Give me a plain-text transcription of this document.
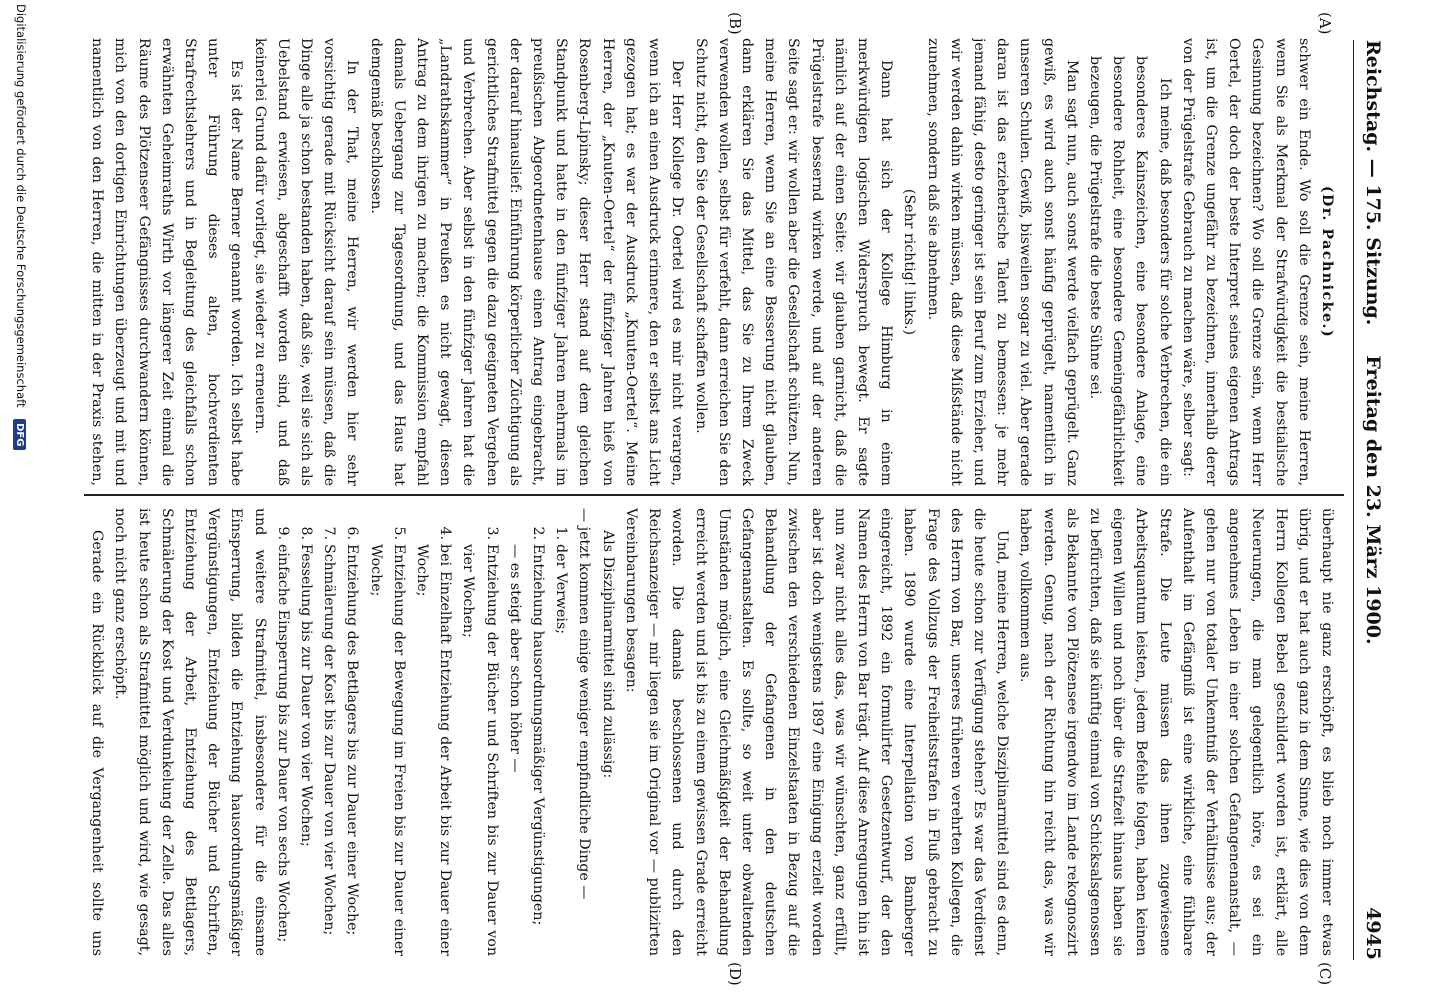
Reichstag. — 175. Sitzung.
Freitag den 23. März 1900.
4945
(A)
(B)
(C)
(D)

(Dr. Pachnicke.)

schwer ein Ende. Wo soll die Grenze sein, meine Herren, wenn Sie als Merkmal der Strafwürdigkeit die bestialische Gesinnung bezeichnen? Wo soll die Grenze sein, wenn Herr Oertel, der doch der beste Interpret seines eigenen Antrags ist, um die Grenze ungefähr zu bezeichnen, innerhalb derer von der Prügelstrafe Gebrauch zu machen wäre, selber sagt:

Ich meine, daß besonders für solche Verbrechen, die ein besonderes Kainszeichen, eine besondere Anlage, eine besondere Rohheit, eine besondere Gemeingefährlichkeit bezeugen, die Prügelstrafe die beste Sühne sei.

Man sagt nun, auch sonst werde vielfach geprügelt. Ganz gewiß, es wird auch sonst häufig geprügelt, namentlich in unseren Schulen. Gewiß, bisweilen sogar zu viel. Aber gerade daran ist das erzieherische Talent zu bemessen: je mehr jemand fähig, desto geringer ist sein Beruf zum Erzieher, und wir werden dahin wirken müssen, daß diese Mißstände nicht zunehmen, sondern daß sie abnehmen.

(Sehr richtig! links.)

Dann hat sich der Kollege Himburg in einem merkwürdigen logischen Widerspruch bewegt. Er sagte nämlich auf der einen Seite: wir glauben garnicht, daß die Prügelstrafe bessernd wirken werde, und auf der anderen Seite sagt er: wir wollen aber die Gesellschaft schützen. Nun, meine Herren, wenn Sie an eine Besserung nicht glauben, dann erklären Sie das Mittel, das Sie zu Ihrem Zweck verwenden wollen, selbst für verfehlt, dann erreichen Sie den Schutz nicht, den Sie der Gesellschaft schaffen wollen.

Der Herr Kollege Dr. Oertel wird es mir nicht verargen, wenn ich an einen Ausdruck erinnere, den er selbst ans Licht gezogen hat; es war der Ausdruck „Knuten-Oertel“. Meine Herren, der „Knuten-Oertel“ der fünfziger Jahren hieß von Rosenberg-Lipinsky; dieser Herr stand auf dem gleichen Standpunkt und hatte in den fünfziger Jahren mehrmals im preußischen Abgeordnetenhause einen Antrag eingebracht, der darauf hinauslief: Einführung körperlicher Züchtigung als gerichtliches Strafmittel gegen die dazu geeigneten Vergehen und Verbrechen. Aber selbst in den fünfziger Jahren hat die „Landrathskammer“ in Preußen es nicht gewagt, diesen Antrag zu dem ihrigen zu machen; die Kommission empfahl damals Uebergang zur Tagesordnung, und das Haus hat demgemäß beschlossen.

In der That, meine Herren, wir werden hier sehr vorsichtig gerade mit Rücksicht darauf sein müssen, daß die Dinge alle ja schon bestanden haben, daß sie, weil sie sich als Uebelstand erwiesen, abgeschafft worden sind, und daß keinerlei Grund dafür vorliegt, sie wieder zu erneuern.

Es ist der Name Berner genannt worden. Ich selbst habe unter Führung dieses alten, hochverdienten Strafrechtslehrers und in Begleitung des gleichfalls schon erwähnten Geheimraths Wirth vor längerer Zeit einmal die Räume des Plötzenseer Gefängnisses durchwandern können, mich von den dortigen Einrichtungen überzeugt und mit und namentlich von den Herren, die mitten in der Praxis stehen,

überhaupt nie ganz erschöpft, es blieb noch immer etwas übrig, und er hat auch ganz in dem Sinne, wie dies von dem Herrn Kollegen Bebel geschildert worden ist, erklärt, alle Neuerungen, die man gelegentlich höre, es sei ein angenehmes Leben in einer solchen Gefangenenanstalt, — gehen nur von totaler Unkenntniß der Verhältnisse aus; der Aufenthalt im Gefängniß ist eine wirkliche, eine fühlbare Strafe. Die Leute müssen das ihnen zugewiesene Arbeitsquantum leisten, jedem Befehle folgen, haben keinen eigenen Willen und noch über die Strafzeit hinaus haben sie zu befürchten, daß sie künftig einmal von Schicksalsgenossen als Bekannte von Plötzensee irgendwo im Lande rekognoszirt werden. Genug, nach der Richtung hin reicht das, was wir haben, vollkommen aus.

Und, meine Herren, welche Disziplinarmittel sind es denn, die heute schon zur Verfügung stehen? Es war das Verdienst des Herrn von Bar, unseres früheren verehrten Kollegen, die Frage des Vollzugs der Freiheitsstrafen in Fluß gebracht zu haben. 1890 wurde eine Interpellation von Bamberger eingereicht, 1892 ein formulirter Gesetzentwurf, der den Namen des Herrn von Bar trägt. Auf diese Anregungen hin ist nun zwar nicht alles das, was wir wünschten, ganz erfüllt, aber ist doch wenigstens 1897 eine Einigung erzielt worden zwischen den verschiedenen Einzelstaaten in Bezug auf die Behandlung der Gefangenen in den deutschen Gefangenanstalten. Es sollte, so weit unter obwaltenden Umständen möglich, eine Gleichmäßigkeit der Behandlung erreicht werden und ist bis zu einem gewissen Grade erreicht worden. Die damals beschlossenen und durch den Reichsanzeiger — mir liegen sie im Original vor — publizirten Vereinbarungen besagen:

Als Disziplinarmittel sind zulässig:

— jetzt kommen einige weniger empfindliche Dinge —

1.der Verweis;

2.Entziehung hausordnungsmäßiger Vergünstigungen;

— es steigt aber schon höher —

3.Entziehung der Bücher und Schriften bis zur Dauer von vier Wochen;

4.bei Einzelhaft Entziehung der Arbeit bis zur Dauer einer Woche;

5.Entziehung der Bewegung im Freien bis zur Dauer einer Woche;

6.Entziehung des Bettlagers bis zur Dauer einer Woche;

7.Schmälerung der Kost bis zur Dauer von vier Wochen;

8.Fesselung bis zur Dauer von vier Wochen;

9.einfache Einsperrung bis zur Dauer von sechs Wochen;

und weitere Strafmittel, insbesondere für die einsame Einsperrung, bilden die Entziehung hausordnungsmäßiger Vergünstigungen, Entziehung der Bücher und Schriften, Entziehung der Arbeit, Entziehung des Bettlagers, Schmälerung der Kost und Verdunkelung der Zelle. Das alles ist heute schon als Strafmittel möglich und wird, wie gesagt, noch nicht ganz erschöpft.

Gerade ein Rückblick auf die Vergangenheit sollte uns

Digitalisierung gefördert durch die Deutsche Forschungsgemeinschaft DFG
